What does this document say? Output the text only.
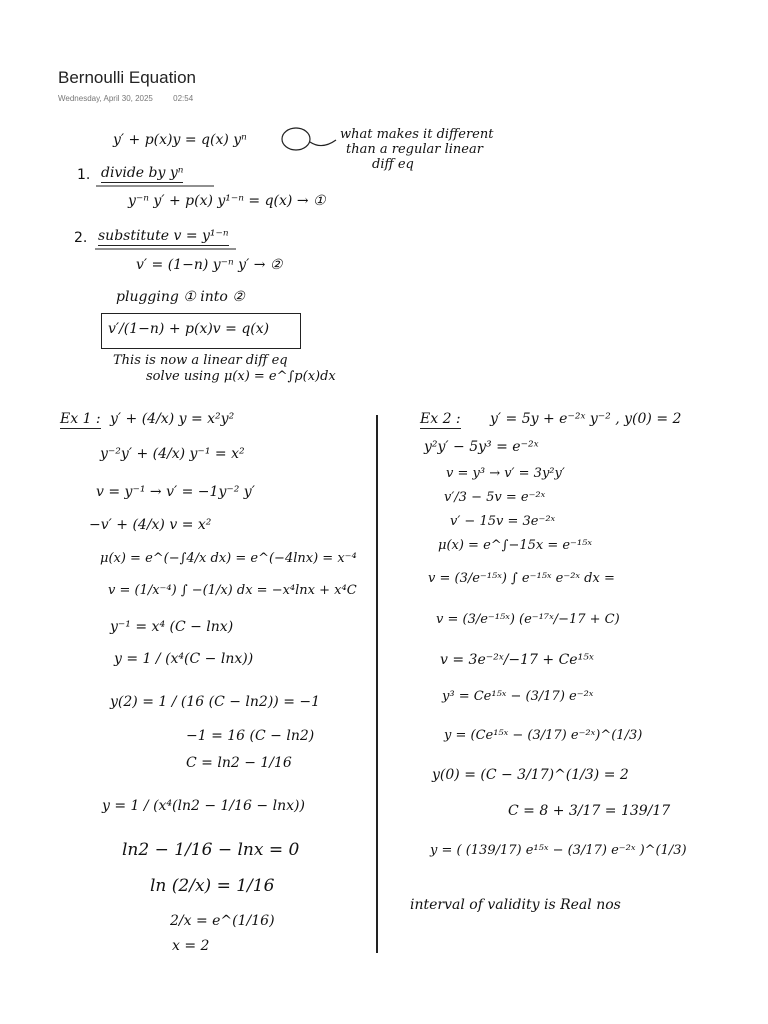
Bernoulli Equation
Wednesday, April 30, 2025	02:54
y′ + p(x)y = q(x) yⁿ	what makes it different
than a regular linear
diff eq
1. divide by yⁿ
y⁻ⁿ y′ + p(x) y¹⁻ⁿ = q(x) → ①
2. substitute v = y¹⁻ⁿ
v′ = (1−n) y⁻ⁿ y′ → ②
plugging ① into ②
v′/(1−n) + p(x)v = q(x)
This is now a linear diff eq
solve using μ(x) = e^∫p(x)dx
Ex 1 : y′ + (4/x) y = x²y²
y⁻²y′ + (4/x) y⁻¹ = x²
v = y⁻¹ → v′ = −1y⁻² y′
−v′ + (4/x) v = x²
μ(x) = e^(−∫4/x dx) = e^(−4lnx) = x⁻⁴
v = (1/x⁻⁴) ∫ −(1/x) dx = −x⁴lnx + x⁴C
y⁻¹ = x⁴ (C − lnx)
y = 1 / (x⁴(C − lnx))
y(2) = 1 / (16 (C − ln2)) = −1
−1 = 16 (C − ln2)
C = ln2 − 1/16
y = 1 / (x⁴(ln2 − 1/16 − lnx))
ln2 − 1/16 − lnx = 0
ln (2/x) = 1/16
2/x = e^(1/16)
x = 2
Ex 2 : y′ = 5y + e⁻²ˣ y⁻² , y(0) = 2
y²y′ − 5y³ = e⁻²ˣ
v = y³ → v′ = 3y²y′
v′/3 − 5v = e⁻²ˣ
v′ − 15v = 3e⁻²ˣ
μ(x) = e^∫−15x = e⁻¹⁵ˣ
v = (3/e⁻¹⁵ˣ) ∫ e⁻¹⁵ˣ e⁻²ˣ dx =
v = (3/e⁻¹⁵ˣ) (e⁻¹⁷ˣ/−17 + C)
v = 3e⁻²ˣ/−17 + Ce¹⁵ˣ
y³ = Ce¹⁵ˣ − (3/17) e⁻²ˣ
y = (Ce¹⁵ˣ − (3/17) e⁻²ˣ)^(1/3)
y(0) = (C − 3/17)^(1/3) = 2
C = 8 + 3/17 = 139/17
y = ( (139/17) e¹⁵ˣ − (3/17) e⁻²ˣ )^(1/3)
interval of validity is Real nos
